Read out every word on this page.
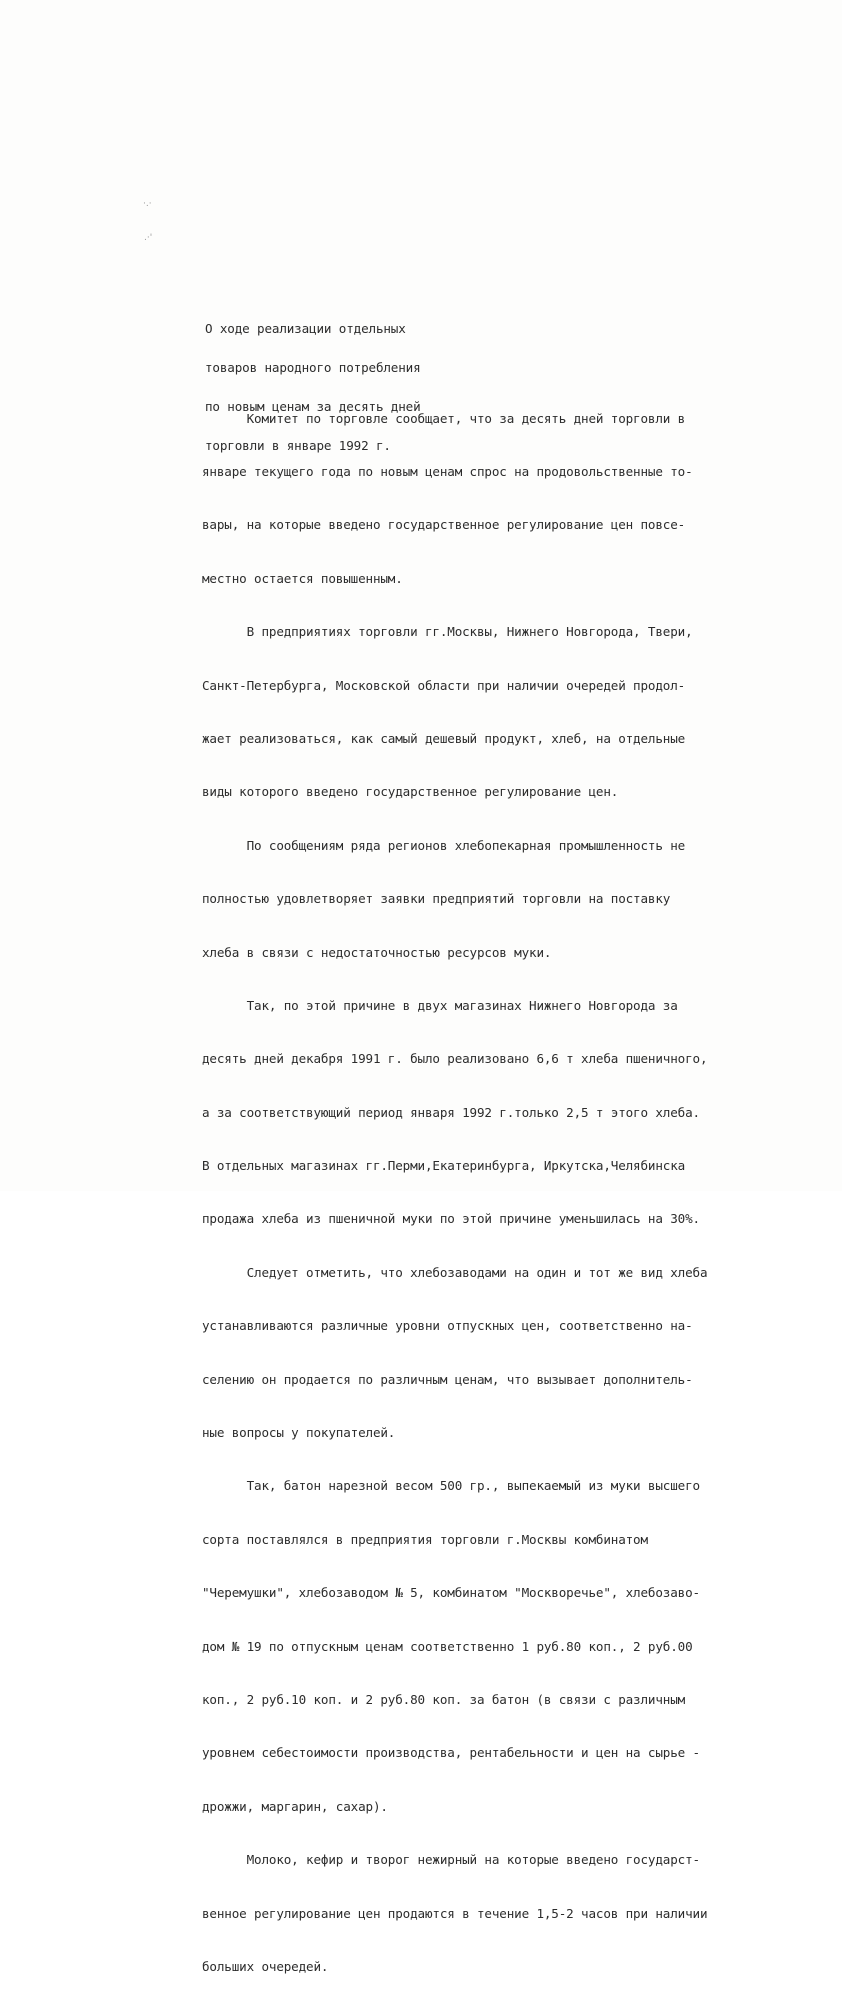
·.·
.·'

О ходе реализации отдельных

товаров народного потребления

по новым ценам за десять дней

торговли в январе 1992 г.

Комитет по торговле сообщает, что за десять дней торговли в

январе текущего года по новым ценам спрос на продовольственные то-

вары, на которые введено государственное регулирование цен повсе-

местно остается повышенным.

В предприятиях торговли гг.Москвы, Нижнего Новгорода, Твери,

Санкт-Петербурга, Московской области при наличии очередей продол-

жает реализоваться, как самый дешевый продукт, хлеб, на отдельные

виды которого введено государственное регулирование цен.

По сообщениям ряда регионов хлебопекарная промышленность не

полностью удовлетворяет заявки предприятий торговли на поставку

хлеба в связи с недостаточностью ресурсов муки.

Так, по этой причине в двух магазинах Нижнего Новгорода за

десять дней декабря 1991 г. было реализовано 6,6 т хлеба пшеничного,

а за соответствующий период января 1992 г.только 2,5 т этого хлеба.

В отдельных магазинах гг.Перми,Екатеринбурга, Иркутска,Челябинска

продажа хлеба из пшеничной муки по этой причине уменьшилась на 30%.

Следует отметить, что хлебозаводами на один и тот же вид хлеба

устанавливаются различные уровни отпускных цен, соответственно на-

селению он продается по различным ценам, что вызывает дополнитель-

ные вопросы у покупателей.

Так, батон нарезной весом 500 гр., выпекаемый из муки высшего

сорта поставлялся в предприятия торговли г.Москвы комбинатом

"Черемушки", хлебозаводом № 5, комбинатом "Москворечье", хлебозаво-

дом № 19 по отпускным ценам соответственно 1 руб.80 коп., 2 руб.00

коп., 2 руб.10 коп. и 2 руб.80 коп. за батон (в связи с различным

уровнем себестоимости производства, рентабельности и цен на сырье -

дрожжи, маргарин, сахар).

Молоко, кефир и творог нежирный на которые введено государст-

венное регулирование цен продаются в течение 1,5-2 часов при наличии

больших очередей.
